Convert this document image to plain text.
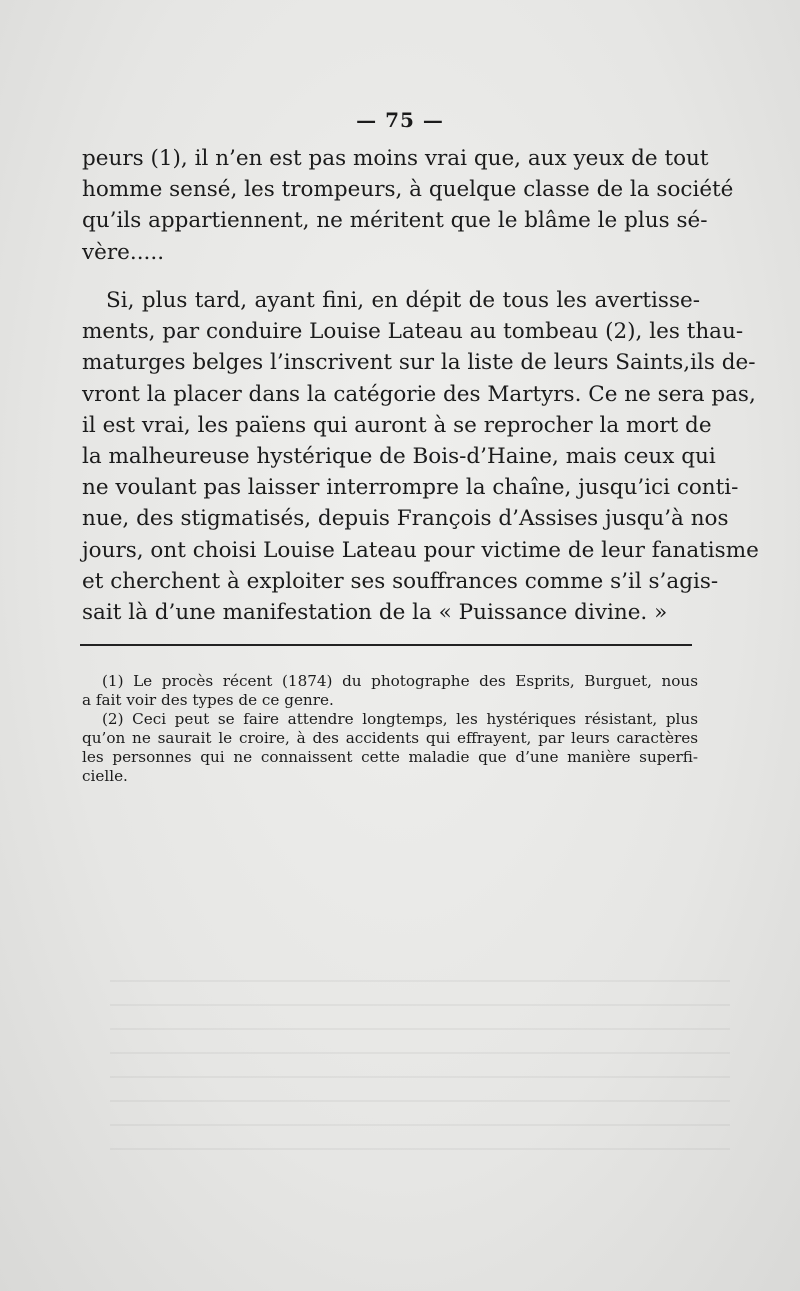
— 75 —
peurs (1), il n’en est pas moins vrai que, aux yeux de tout
homme sensé, les trompeurs, à quelque classe de la société
qu’ils appartiennent, ne méritent que le blâme le plus sé-
vère.....
Si, plus tard, ayant fini, en dépit de tous les avertisse-
ments, par conduire Louise Lateau au tombeau (2), les thau-
maturges belges l’inscrivent sur la liste de leurs Saints,ils de-
vront la placer dans la catégorie des Martyrs. Ce ne sera pas,
il est vrai, les païens qui auront à se reprocher la mort de
la malheureuse hystérique de Bois-d’Haine, mais ceux qui
ne voulant pas laisser interrompre la chaîne, jusqu’ici conti-
nue, des stigmatisés, depuis François d’Assises jusqu’à nos
jours, ont choisi Louise Lateau pour victime de leur fanatisme
et cherchent à exploiter ses souffrances comme s’il s’agis-
sait là d’une manifestation de la « Puissance divine. »
(1) Le procès récent (1874) du photographe des Esprits, Burguet, nous
a fait voir des types de ce genre.
(2) Ceci peut se faire attendre longtemps, les hystériques résistant, plus
qu’on ne saurait le croire, à des accidents qui effrayent, par leurs caractères
les personnes qui ne connaissent cette maladie que d’une manière superfi-
cielle.
